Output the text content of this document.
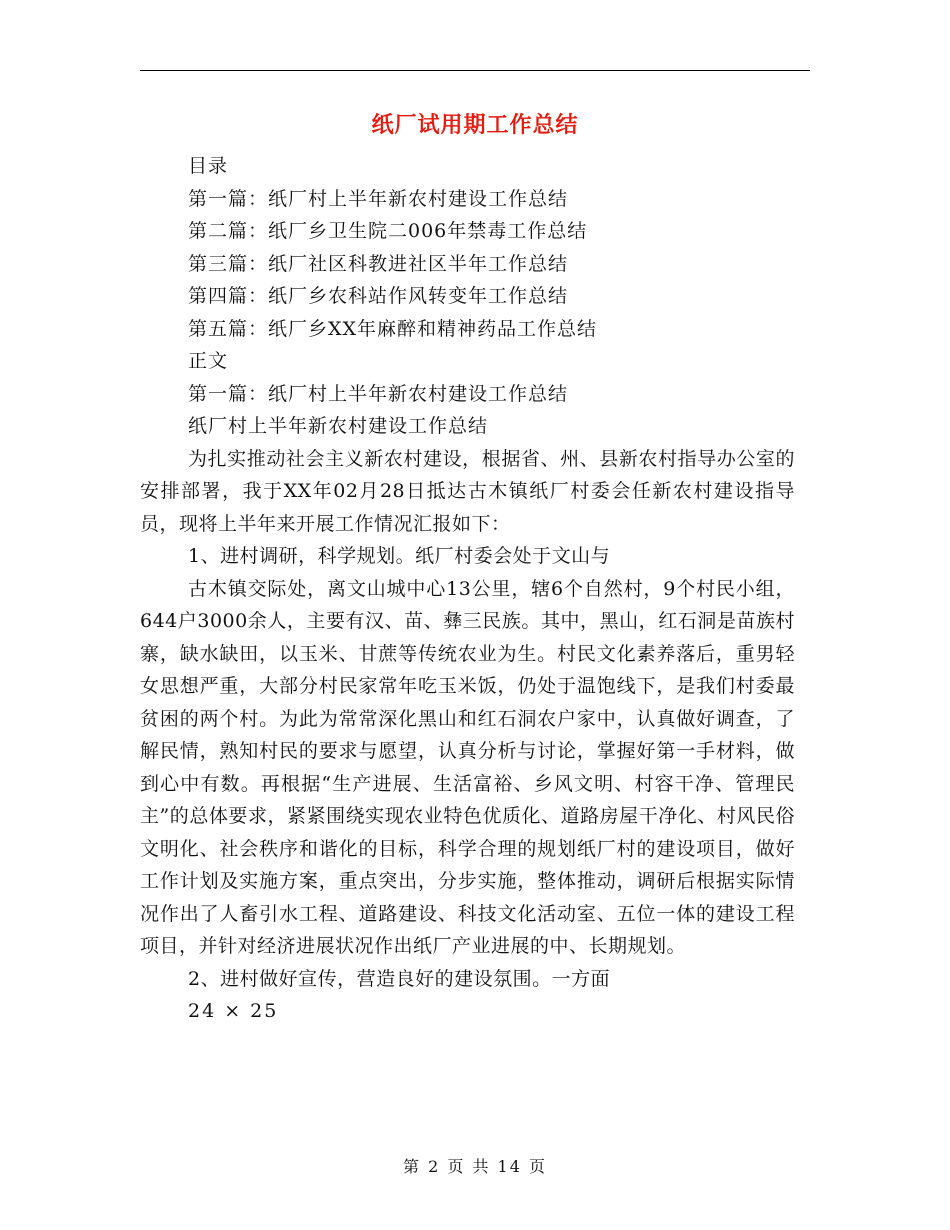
纸厂试用期工作总结
目录
第一篇：纸厂村上半年新农村建设工作总结
第二篇：纸厂乡卫生院二006年禁毒工作总结
第三篇：纸厂社区科教进社区半年工作总结
第四篇：纸厂乡农科站作风转变年工作总结
第五篇：纸厂乡XX年麻醉和精神药品工作总结
正文
第一篇：纸厂村上半年新农村建设工作总结
纸厂村上半年新农村建设工作总结

为扎实推动社会主义新农村建设，根据省、州、县新农村指导办公室的安排部署，我于XX年02月28日抵达古木镇纸厂村委会任新农村建设指导员，现将上半年来开展工作情况汇报如下：

1、进村调研，科学规划。纸厂村委会处于文山与

古木镇交际处，离文山城中心13公里，辖6个自然村，9个村民小组，644户3000余人，主要有汉、苗、彝三民族。其中，黑山，红石洞是苗族村寨，缺水缺田，以玉米、甘蔗等传统农业为生。村民文化素养落后，重男轻女思想严重，大部分村民家常年吃玉米饭，仍处于温饱线下，是我们村委最贫困的两个村。为此为常常深化黑山和红石洞农户家中，认真做好调查，了解民情，熟知村民的要求与愿望，认真分析与讨论，掌握好第一手材料，做到心中有数。再根据“生产进展、生活富裕、乡风文明、村容干净、管理民主”的总体要求，紧紧围绕实现农业特色优质化、道路房屋干净化、村风民俗文明化、社会秩序和谐化的目标，科学合理的规划纸厂村的建设项目，做好工作计划及实施方案，重点突出，分步实施，整体推动，调研后根据实际情况作出了人畜引水工程、道路建设、科技文化活动室、五位一体的建设工程项目，并针对经济进展状况作出纸厂产业进展的中、长期规划。

2、进村做好宣传，营造良好的建设氛围。一方面

24 × 25
第 2 页 共 14 页
